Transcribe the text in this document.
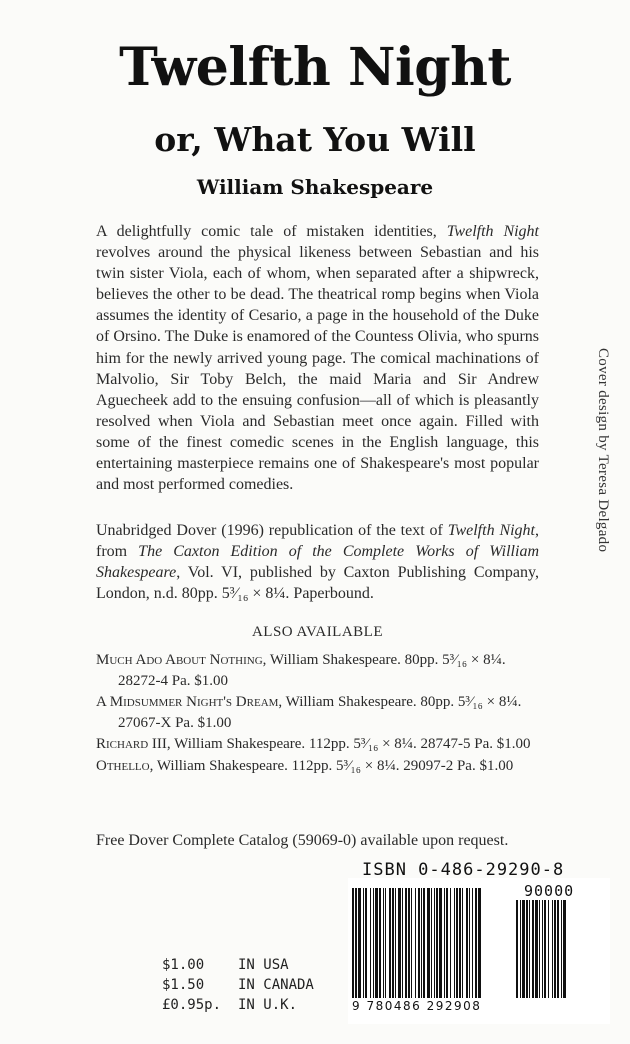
Twelfth Night
or, What You Will
William Shakespeare
A delightfully comic tale of mistaken identities, Twelfth Night revolves around the physical likeness between Sebastian and his twin sister Viola, each of whom, when separated after a shipwreck, believes the other to be dead. The theatrical romp begins when Viola assumes the identity of Cesario, a page in the household of the Duke of Orsino. The Duke is enamored of the Countess Olivia, who spurns him for the newly arrived young page. The comical machinations of Malvolio, Sir Toby Belch, the maid Maria and Sir Andrew Aguecheek add to the ensuing confusion—all of which is pleasantly resolved when Viola and Sebastian meet once again. Filled with some of the finest comedic scenes in the English language, this entertaining masterpiece remains one of Shakespeare's most popular and most performed comedies.
Unabridged Dover (1996) republication of the text of Twelfth Night, from The Caxton Edition of the Complete Works of William Shakespeare, Vol. VI, published by Caxton Publishing Company, London, n.d. 80pp. 5³⁄₁₆ × 8¼. Paperbound.
ALSO AVAILABLE
Much Ado About Nothing, William Shakespeare. 80pp. 5³⁄₁₆ × 8¼. 28272-4 Pa. $1.00
A Midsummer Night's Dream, William Shakespeare. 80pp. 5³⁄₁₆ × 8¼. 27067-X Pa. $1.00
Richard III, William Shakespeare. 112pp. 5³⁄₁₆ × 8¼. 28747-5 Pa. $1.00
Othello, William Shakespeare. 112pp. 5³⁄₁₆ × 8¼. 29097-2 Pa. $1.00
Free Dover Complete Catalog (59069-0) available upon request.
Cover design by Teresa Delgado
$1.00 IN USA
$1.50 IN CANADA
£0.95p. IN U.K.
ISBN 0-486-29290-8
90000
9 780486 292908
